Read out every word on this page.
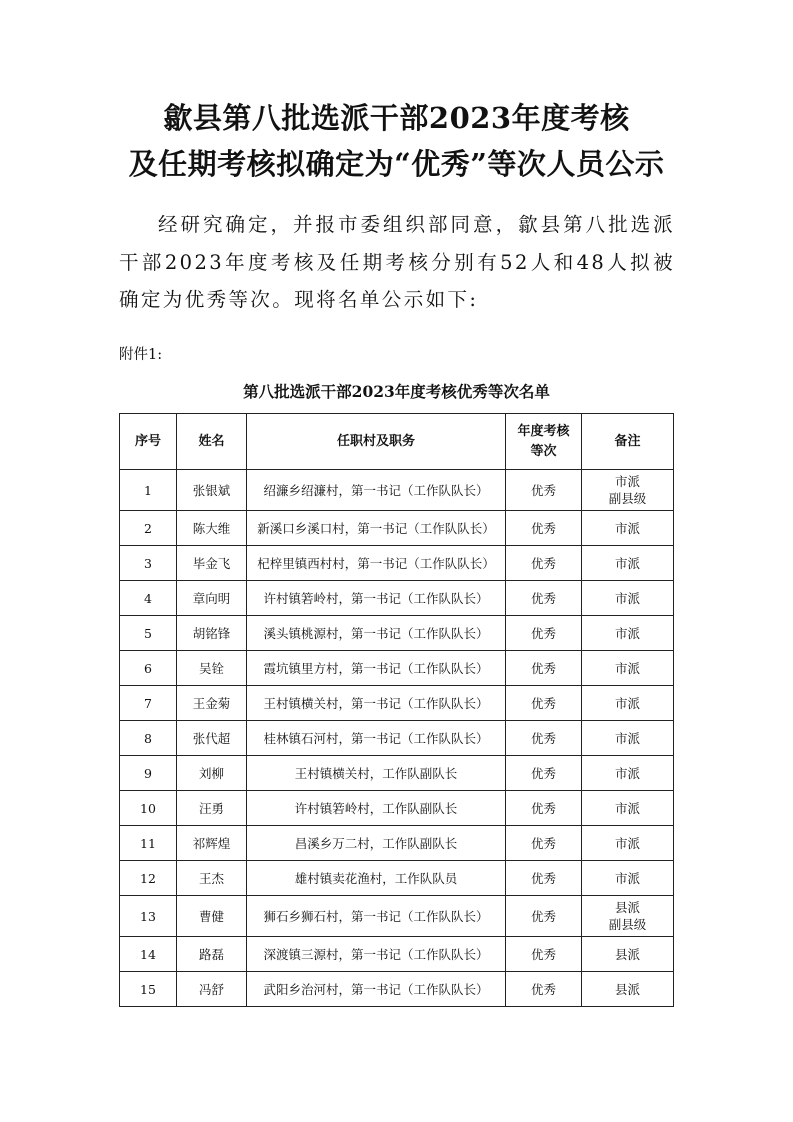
歙县第八批选派干部2023年度考核
及任期考核拟确定为“优秀”等次人员公示
经研究确定，并报市委组织部同意，歙县第八批选派干部2023年度考核及任期考核分别有52人和48人拟被确定为优秀等次。现将名单公示如下:
附件1:
第八批选派干部2023年度考核优秀等次名单
序号	姓名	任职村及职务	年度考核等次	备注
1	张银斌	绍濂乡绍濂村，第一书记（工作队队长）	优秀	市派
副县级

2	陈大维	新溪口乡溪口村，第一书记（工作队队长）	优秀	市派

3	毕金飞	杞梓里镇西村村，第一书记（工作队队长）	优秀	市派

4	章向明	许村镇箬岭村，第一书记（工作队队长）	优秀	市派

5	胡铭锋	溪头镇桃源村，第一书记（工作队队长）	优秀	市派

6	吴铨	霞坑镇里方村，第一书记（工作队队长）	优秀	市派

7	王金菊	王村镇横关村，第一书记（工作队队长）	优秀	市派

8	张代超	桂林镇石河村，第一书记（工作队队长）	优秀	市派

9	刘柳	王村镇横关村，工作队副队长	优秀	市派

10	汪勇	许村镇箬岭村，工作队副队长	优秀	市派

11	祁辉煌	昌溪乡万二村，工作队副队长	优秀	市派

12	王杰	雄村镇卖花渔村，工作队队员	优秀	市派

13	曹健	狮石乡狮石村，第一书记（工作队队长）	优秀	县派
副县级

14	路磊	深渡镇三源村，第一书记（工作队队长）	优秀	县派

15	冯舒	武阳乡治河村，第一书记（工作队队长）	优秀	县派
